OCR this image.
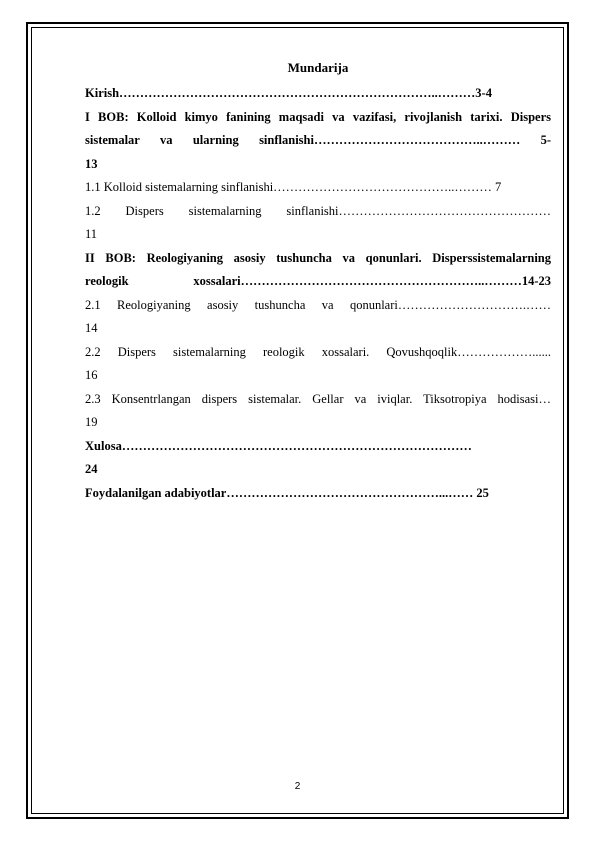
Mundarija
Kirish…………………………………………………………………..………3-4
I BOB: Kolloid kimyo fanining maqsadi va vazifasi, rivojlanish tarixi. Dispers
sistemalar va ularning sinflanishi…………………………………..……… 5-
13
1.1 Kolloid sistemalarning sinflanishi……………………………………..……… 7
1.2 Dispers sistemalarning sinflanishi……………………………………………
11
II BOB: Reologiyaning asosiy tushuncha va qonunlari. Disperssistemalarning
reologik xossalari…………………………………………………..………14-23
2.1 Reologiyaning asosiy tushuncha va qonunlari………………………….……
14
2.2 Dispers sistemalarning reologik xossalari. Qovushqoqlik………………......
16
2.3 Konsentrlangan dispers sistemalar. Gellar va iviqlar. Tiksotropiya hodisasi…
19
Xulosa…………………………………………………………………………
24
Foydalanilgan adabiyotlar……………………………………………...…… 25
2
